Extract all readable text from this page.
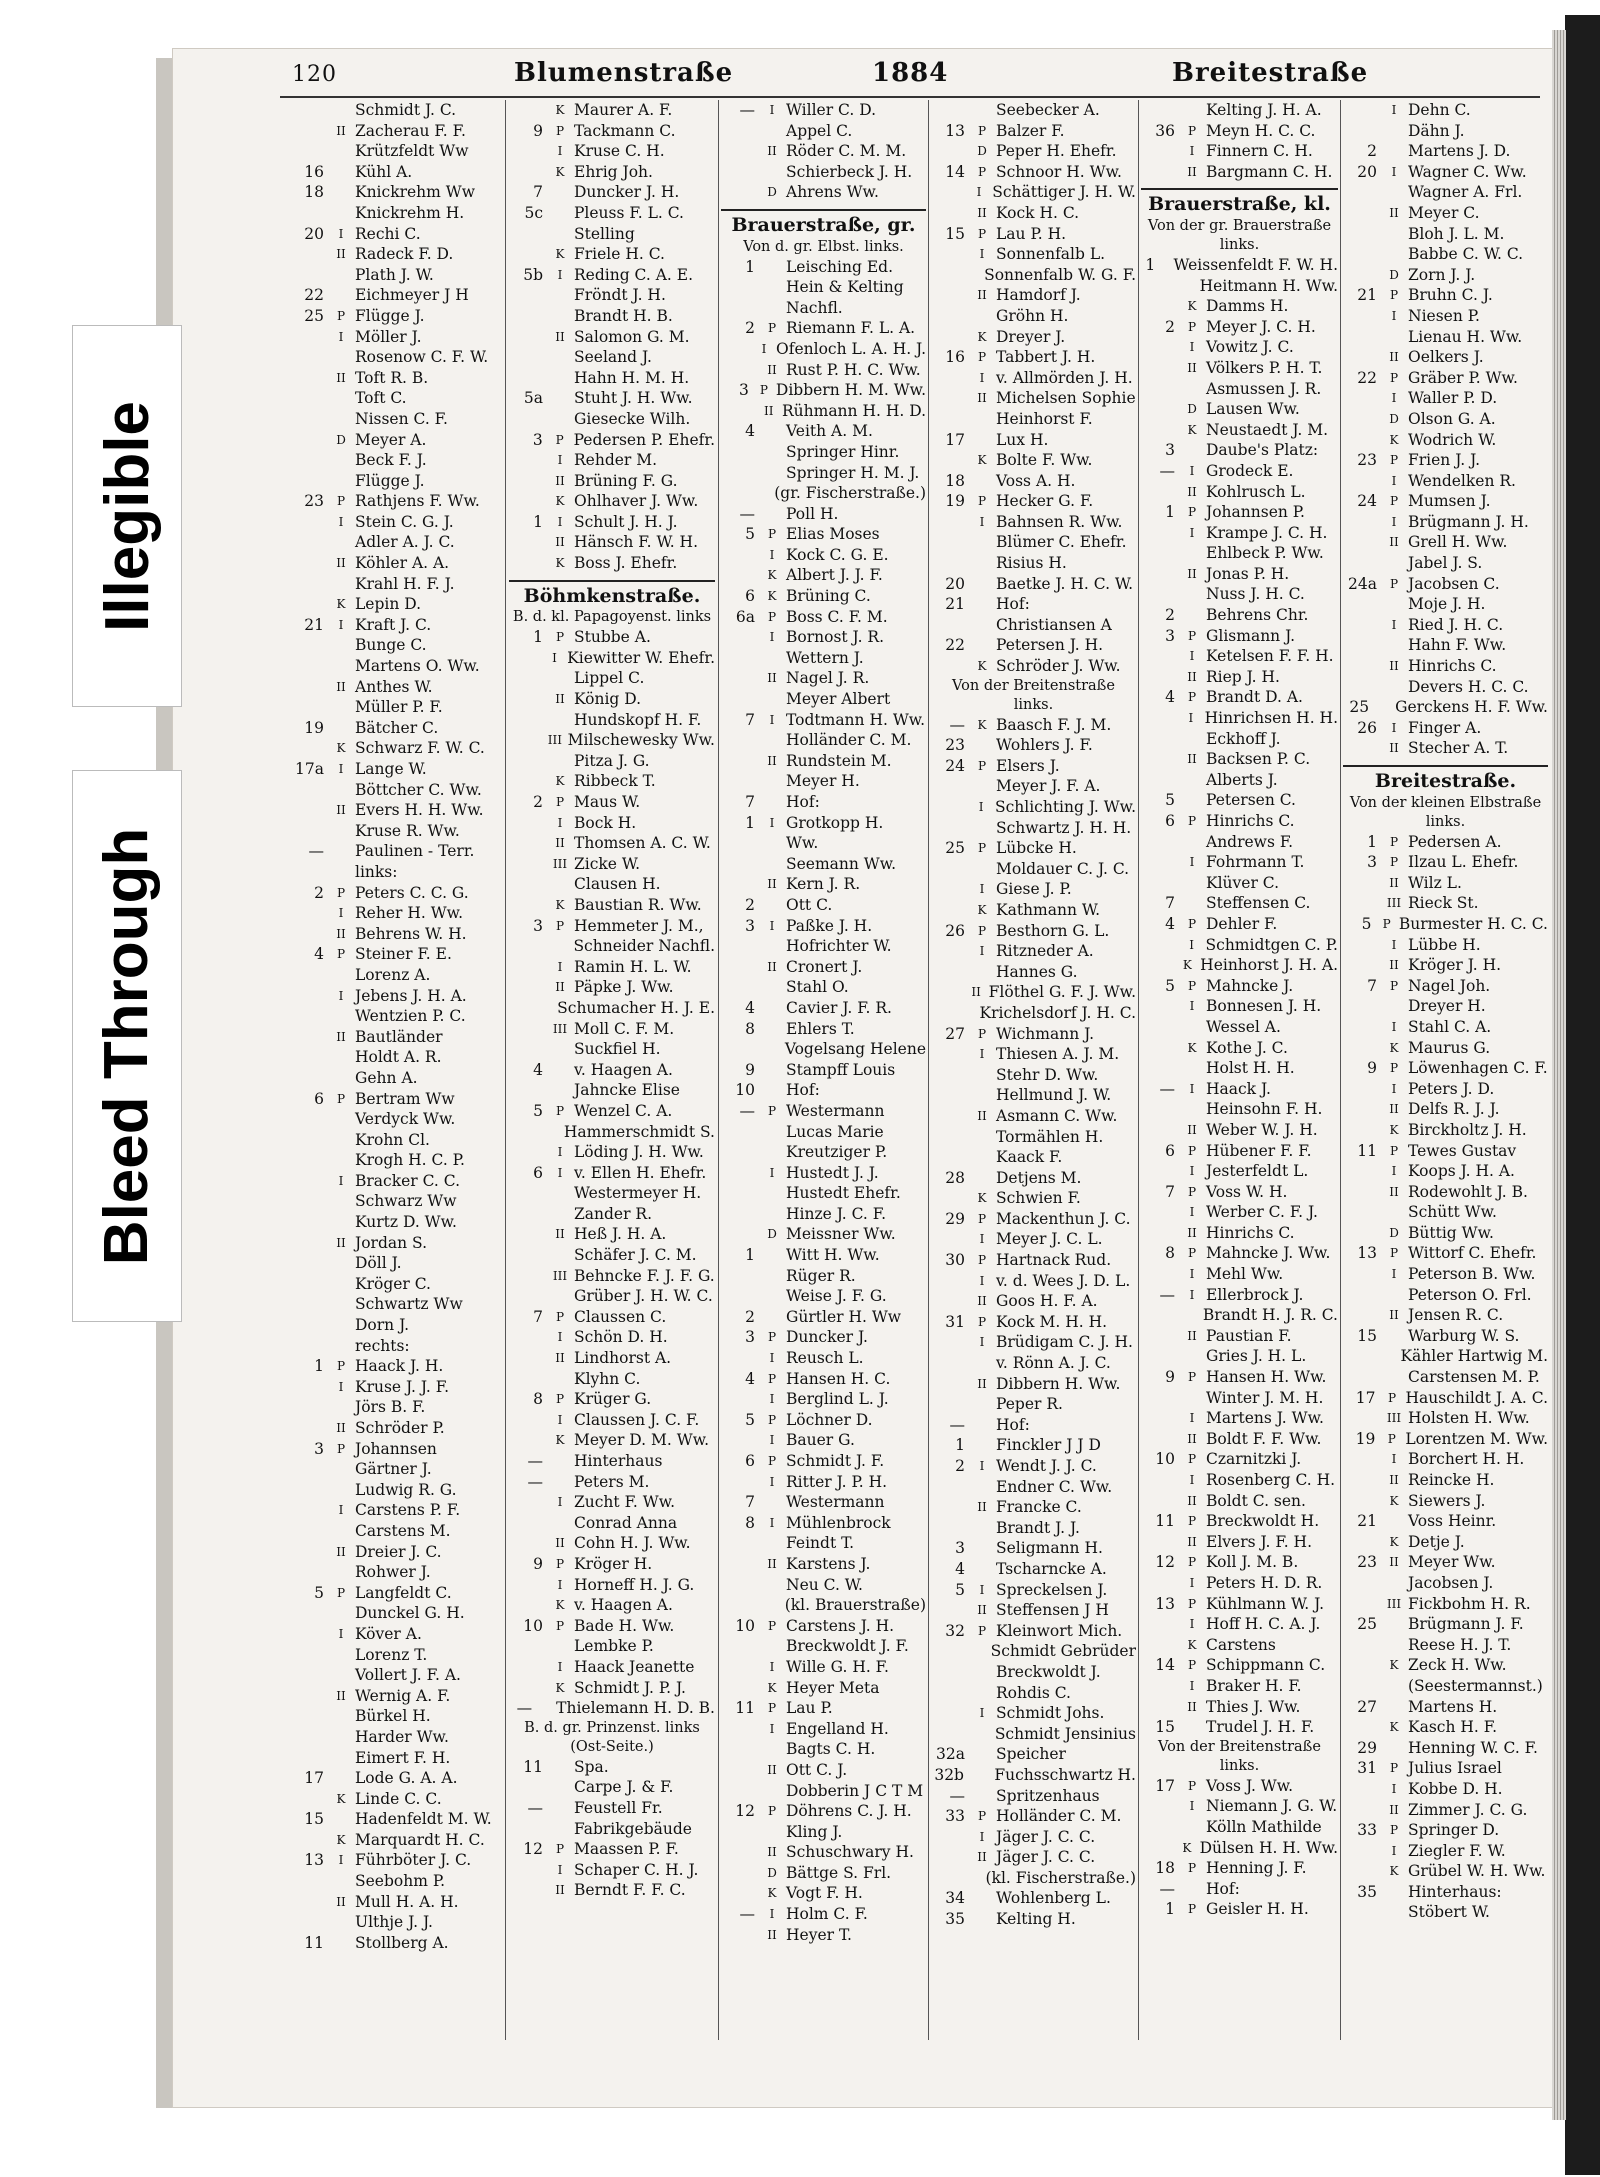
120	Blumenstraße	1884	Breitestraße
Schmidt J. C.
II Zacherau F. F.
Krützfeldt Ww
16	Kühl A.
18	Knickrehm Ww
Knickrehm H.
20	I Rechi C.
II Radeck F. D.
Plath J. W.
22	Eichmeyer J H
25	P Flügge J.
I Möller J.
Rosenow C. F. W.
II Toft R. B.
Toft C.
Nissen C. F.
D Meyer A.
Beck F. J.
Flügge J.
23	P Rathjens F. Ww.
I Stein C. G. J.
Adler A. J. C.
II Köhler A. A.
Krahl H. F. J.
K Lepin D.
21	I Kraft J. C.
Bunge C.
Martens O. Ww.
II Anthes W.
Müller P. F.
19	Bätcher C.
K Schwarz F. W. C.
17a	I Lange W.
Böttcher C. Ww.
II Evers H. H. Ww.
Kruse R. Ww.
—	Paulinen - Terr.
links:
2	P Peters C. C. G.
I Reher H. Ww.
II Behrens W. H.
4	P Steiner F. E.
Lorenz A.
I Jebens J. H. A.
Wentzien P. C.
II Bautländer
Holdt A. R.
Gehn A.
6	P Bertram Ww
Verdyck Ww.
Krohn Cl.
Krogh H. C. P.
I Bracker C. C.
Schwarz Ww
Kurtz D. Ww.
II Jordan S.
Döll J.
Kröger C.
Schwartz Ww
Dorn J.
rechts:
1	P Haack J. H.
I Kruse J. J. F.
Jörs B. F.
II Schröder P.
3	P Johannsen
Gärtner J.
Ludwig R. G.
I Carstens P. F.
Carstens M.
II Dreier J. C.
Rohwer J.
5	P Langfeldt C.
Dunckel G. H.
I Köver A.
Lorenz T.
Vollert J. F. A.
II Wernig A. F.
Bürkel H.
Harder Ww.
Eimert F. H.
17	Lode G. A. A.
K Linde C. C.
15	Hadenfeldt M. W.
K Marquardt H. C.
13	I Führböter J. C.
Seebohm P.
II Mull H. A. H.
Ulthje J. J.
11	Stollberg A.
K Maurer A. F.
9	P Tackmann C.
I Kruse C. H.
K Ehrig Joh.
7	Duncker J. H.
5c	Pleuss F. L. C.
Stelling
K Friele H. C.
5b	I Reding C. A. E.
Fröndt J. H.
Brandt H. B.
II Salomon G. M.
Seeland J.
Hahn H. M. H.
5a	Stuht J. H. Ww.
Giesecke Wilh.
3	P Pedersen P. Ehefr.
I Rehder M.
II Brüning F. G.
K Ohlhaver J. Ww.
1	I Schult J. H. J.
II Hänsch F. W. H.
K Boss J. Ehefr.
Böhmkenstraße.
B. d. kl. Papagoyenst. links
1	P Stubbe A.
I Kiewitter W. Ehefr.
Lippel C.
II König D.
Hundskopf H. F.
III Milschewesky Ww.
Pitza J. G.
K Ribbeck T.
2	P Maus W.
I Bock H.
II Thomsen A. C. W.
III Zicke W.
Clausen H.
K Baustian R. Ww.
3	P Hemmeter J. M.,
Schneider Nachfl.
I Ramin H. L. W.
II Päpke J. Ww.
Schumacher H. J. E.
III Moll C. F. M.
Suckfiel H.
4	v. Haagen A.
Jahncke Elise
5	P Wenzel C. A.
Hammerschmidt S.
I Löding J. H. Ww.
6	I v. Ellen H. Ehefr.
Westermeyer H.
Zander R.
II Heß J. H. A.
Schäfer J. C. M.
III Behncke F. J. F. G.
Grüber J. H. W. C.
7	P Claussen C.
I Schön D. H.
II Lindhorst A.
Klyhn C.
8	P Krüger G.
I Claussen J. C. F.
K Meyer D. M. Ww.
—	Hinterhaus
—	Peters M.
I Zucht F. Ww.
Conrad Anna
II Cohn H. J. Ww.
9	P Kröger H.
I Horneff H. J. G.
K v. Haagen A.
10	P Bade H. Ww.
Lembke P.
I Haack Jeanette
K Schmidt J. P. J.
—	Thielemann H. D. B.
B. d. gr. Prinzenst. links
(Ost-Seite.)
11	Spa.
Carpe J. & F.
—	Feustell Fr.
Fabrikgebäude
12	P Maassen P. F.
I Schaper C. H. J.
II Berndt F. F. C.
—	I Willer C. D.
Appel C.
II Röder C. M. M.
Schierbeck J. H.
D Ahrens Ww.
Brauerstraße, gr.
Von d. gr. Elbst. links.
1	Leisching Ed.
Hein & Kelting
Nachfl.
2	P Riemann F. L. A.
I Ofenloch L. A. H. J.
II Rust P. H. C. Ww.
3 P Dibbern H. M. Ww.
II Rühmann H. H. D.
4	Veith A. M.
Springer Hinr.
Springer H. M. J.
(gr. Fischerstraße.)
—	Poll H.
5	P Elias Moses
I Kock C. G. E.
K Albert J. J. F.
6	K Brüning C.
6a	P Boss C. F. M.
I Bornost J. R.
Wettern J.
II Nagel J. R.
Meyer Albert
7	I Todtmann H. Ww.
Holländer C. M.
II Rundstein M.
Meyer H.
7	Hof:
1	I Grotkopp H.
Ww.
Seemann Ww.
II Kern J. R.
2	Ott C.
3	I Paßke J. H.
Hofrichter W.
II Cronert J.
Stahl O.
4	Cavier J. F. R.
8	Ehlers T.
Vogelsang Helene
9	Stampff Louis
10	Hof:
—	P Westermann
Lucas Marie
Kreutziger P.
I Hustedt J. J.
Hustedt Ehefr.
Hinze J. C. F.
D Meissner Ww.
1	Witt H. Ww.
Rüger R.
Weise J. F. G.
2	Gürtler H. Ww
3	P Duncker J.
I Reusch L.
4	P Hansen H. C.
I Berglind L. J.
5	P Löchner D.
I Bauer G.
6	P Schmidt J. F.
I Ritter J. P. H.
7	Westermann
8	I Mühlenbrock
Feindt T.
II Karstens J.
Neu C. W.
(kl. Brauerstraße)
10	P Carstens J. H.
Breckwoldt J. F.
I Wille G. H. F.
K Heyer Meta
11	P Lau P.
I Engelland H.
Bagts C. H.
II Ott C. J.
Dobberin J C T M
12	P Döhrens C. J. H.
Kling J.
II Schuschwary H.
D Bättge S. Frl.
K Vogt F. H.
—	I Holm C. F.
II Heyer T.
Seebecker A.
13	P Balzer F.
D Peper H. Ehefr.
14	P Schnoor H. Ww.
I Schättiger J. H. W.
II Kock H. C.
15	P Lau P. H.
I Sonnenfalb L.
Sonnenfalb W. G. F.
II Hamdorf J.
Gröhn H.
K Dreyer J.
16	P Tabbert J. H.
I v. Allmörden J. H.
II Michelsen Sophie
Heinhorst F.
17	Lux H.
K Bolte F. Ww.
18	Voss A. H.
19	P Hecker G. F.
I Bahnsen R. Ww.
Blümer C. Ehefr.
Risius H.
20	Baetke J. H. C. W.
21	Hof:
Christiansen A
22	Petersen J. H.
K Schröder J. Ww.
Von der Breitenstraße
links.
—	K Baasch F. J. M.
23	Wohlers J. F.
24	P Elsers J.
Meyer J. F. A.
I Schlichting J. Ww.
Schwartz J. H. H.
25	P Lübcke H.
Moldauer C. J. C.
I Giese J. P.
K Kathmann W.
26	P Besthorn G. L.
I Ritzneder A.
Hannes G.
II Flöthel G. F. J. Ww.
Krichelsdorf J. H. C.
27	P Wichmann J.
I Thiesen A. J. M.
Stehr D. Ww.
Hellmund J. W.
II Asmann C. Ww.
Tormählen H.
Kaack F.
28	Detjens M.
K Schwien F.
29	P Mackenthun J. C.
I Meyer J. C. L.
30	P Hartnack Rud.
I v. d. Wees J. D. L.
II Goos H. F. A.
31	P Kock M. H. H.
I Brüdigam C. J. H.
v. Rönn A. J. C.
II Dibbern H. Ww.
Peper R.
—	Hof:
1	Finckler J J D
2	I Wendt J. J. C.
Endner C. Ww.
II Francke C.
Brandt J. J.
3	Seligmann H.
4	Tscharncke A.
5	I Spreckelsen J.
II Steffensen J H
32	P Kleinwort Mich.
Schmidt Gebrüder
Breckwoldt J.
Rohdis C.
I Schmidt Johs.
Schmidt Jensinius
32a	Speicher
32b	Fuchsschwartz H.
—	Spritzenhaus
33	P Holländer C. M.
I Jäger J. C. C.
II Jäger J. C. C.
(kl. Fischerstraße.)
34	Wohlenberg L.
35	Kelting H.
Kelting J. H. A.
36	P Meyn H. C. C.
I Finnern C. H.
II Bargmann C. H.
Brauerstraße, kl.
Von der gr. Brauerstraße
links.
1	Weissenfeldt F. W. H.
Heitmann H. Ww.
K Damms H.
2	P Meyer J. C. H.
I Vowitz J. C.
II Völkers P. H. T.
Asmussen J. R.
D Lausen Ww.
K Neustaedt J. M.
3	Daube's Platz:
—	I Grodeck E.
II Kohlrusch L.
1	P Johannsen P.
I Krampe J. C. H.
Ehlbeck P. Ww.
II Jonas P. H.
Nuss J. H. C.
2	Behrens Chr.
3	P Glismann J.
I Ketelsen F. F. H.
II Riep J. H.
4	P Brandt D. A.
I Hinrichsen H. H.
Eckhoff J.
II Backsen P. C.
Alberts J.
5	Petersen C.
6	P Hinrichs C.
Andrews F.
I Fohrmann T.
Klüver C.
7	Steffensen C.
4	P Dehler F.
I Schmidtgen C. P.
K Heinhorst J. H. A.
5	P Mahncke J.
I Bonnesen J. H.
Wessel A.
K Kothe J. C.
Holst H. H.
—	I Haack J.
Heinsohn F. H.
II Weber W. J. H.
6	P Hübener F. F.
I Jesterfeldt L.
7	P Voss W. H.
I Werber C. F. J.
II Hinrichs C.
8	P Mahncke J. Ww.
I Mehl Ww.
—	I Ellerbrock J.
Brandt H. J. R. C.
II Paustian F.
Gries J. H. L.
9	P Hansen H. Ww.
Winter J. M. H.
I Martens J. Ww.
II Boldt F. F. Ww.
10	P Czarnitzki J.
I Rosenberg C. H.
II Boldt C. sen.
11	P Breckwoldt H.
II Elvers J. F. H.
12	P Koll J. M. B.
I Peters H. D. R.
13	P Kühlmann W. J.
I Hoff H. C. A. J.
K Carstens
14	P Schippmann C.
I Braker H. F.
II Thies J. Ww.
15	Trudel J. H. F.
Von der Breitenstraße
links.
17	P Voss J. Ww.
I Niemann J. G. W.
Kölln Mathilde
K Dülsen H. H. Ww.
18	P Henning J. F.
—	Hof:
1	P Geisler H. H.
I Dehn C.
Dähn J.
2	Martens J. D.
20	I Wagner C. Ww.
Wagner A. Frl.
II Meyer C.
Bloh J. L. M.
Babbe C. W. C.
D Zorn J. J.
21	P Bruhn C. J.
I Niesen P.
Lienau H. Ww.
II Oelkers J.
22	P Gräber P. Ww.
I Waller P. D.
D Olson G. A.
K Wodrich W.
23	P Frien J. J.
I Wendelken R.
24	P Mumsen J.
I Brügmann J. H.
II Grell H. Ww.
Jabel J. S.
24a	P Jacobsen C.
Moje J. H.
I Ried J. H. C.
Hahn F. Ww.
II Hinrichs C.
Devers H. C. C.
25	Gerckens H. F. Ww.
26	I Finger A.
II Stecher A. T.
Breitestraße.
Von der kleinen Elbstraße
links.
1	P Pedersen A.
3	P Ilzau L. Ehefr.
II Wilz L.
III Rieck St.
5 P Burmester H. C. C.
I Lübbe H.
II Kröger J. H.
7	P Nagel Joh.
Dreyer H.
I Stahl C. A.
K Maurus G.
9	P Löwenhagen C. F.
I Peters J. D.
II Delfs R. J. J.
K Birckholtz J. H.
11	P Tewes Gustav
I Koops J. H. A.
II Rodewohlt J. B.
Schütt Ww.
D Büttig Ww.
13	P Wittorf C. Ehefr.
I Peterson B. Ww.
Peterson O. Frl.
II Jensen R. C.
15	Warburg W. S.
Kähler Hartwig M.
Carstensen M. P.
17	P Hauschildt J. A. C.
III Holsten H. Ww.
19	P Lorentzen M. Ww.
I Borchert H. H.
II Reincke H.
K Siewers J.
21	Voss Heinr.
K Detje J.
23	II Meyer Ww.
Jacobsen J.
III Fickbohm H. R.
25	Brügmann J. F.
Reese H. J. T.
K Zeck H. Ww.
(Seestermannst.)
27	Martens H.
K Kasch H. F.
29	Henning W. C. F.
31	P Julius Israel
I Kobbe D. H.
II Zimmer J. C. G.
33	P Springer D.
I Ziegler F. W.
K Grübel W. H. Ww.
35	Hinterhaus:
Stöbert W.
Illegible
Bleed Through
